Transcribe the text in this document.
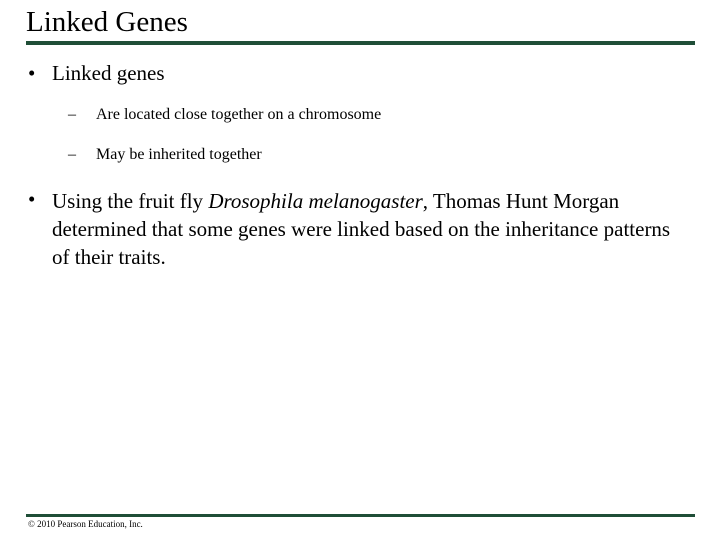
Linked Genes
• Linked genes
– Are located close together on a chromosome
– May be inherited together
• Using the fruit fly Drosophila melanogaster, Thomas Hunt Morgan determined that some genes were linked based on the inheritance patterns of their traits.
© 2010 Pearson Education, Inc.
